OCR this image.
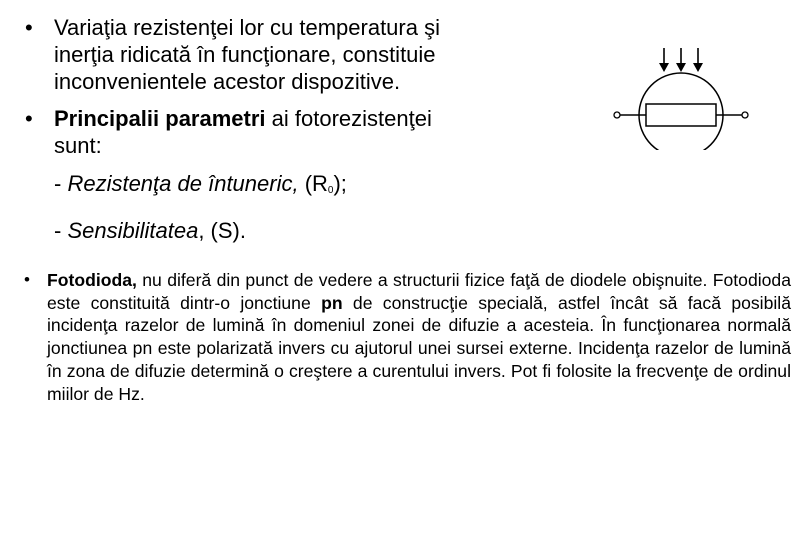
• Variaţia rezistenţei lor cu temperatura şi
inerţia ridicată în funcţionare, constituie
inconvenientele acestor dispozitive.
• Principalii parametri ai fotorezistenţei
sunt:
- Rezistenţa de întuneric, (R0);
- Sensibilitatea, (S).
• Fotodioda, nu diferă din punct de vedere a structurii fizice faţă de diodele obişnuite. Fotodioda este constituită dintr-o jonctiune pn de construcţie specială, astfel încât să facă posibilă incidenţa razelor de lumină în domeniul zonei de difuzie a acesteia. În funcţionarea normală jonctiunea pn este polarizată invers cu ajutorul unei sursei externe. Incidenţa razelor de lumină în zona de difuzie determină o creştere a curentului invers. Pot fi folosite la frecvenţe de ordinul miilor de Hz.
